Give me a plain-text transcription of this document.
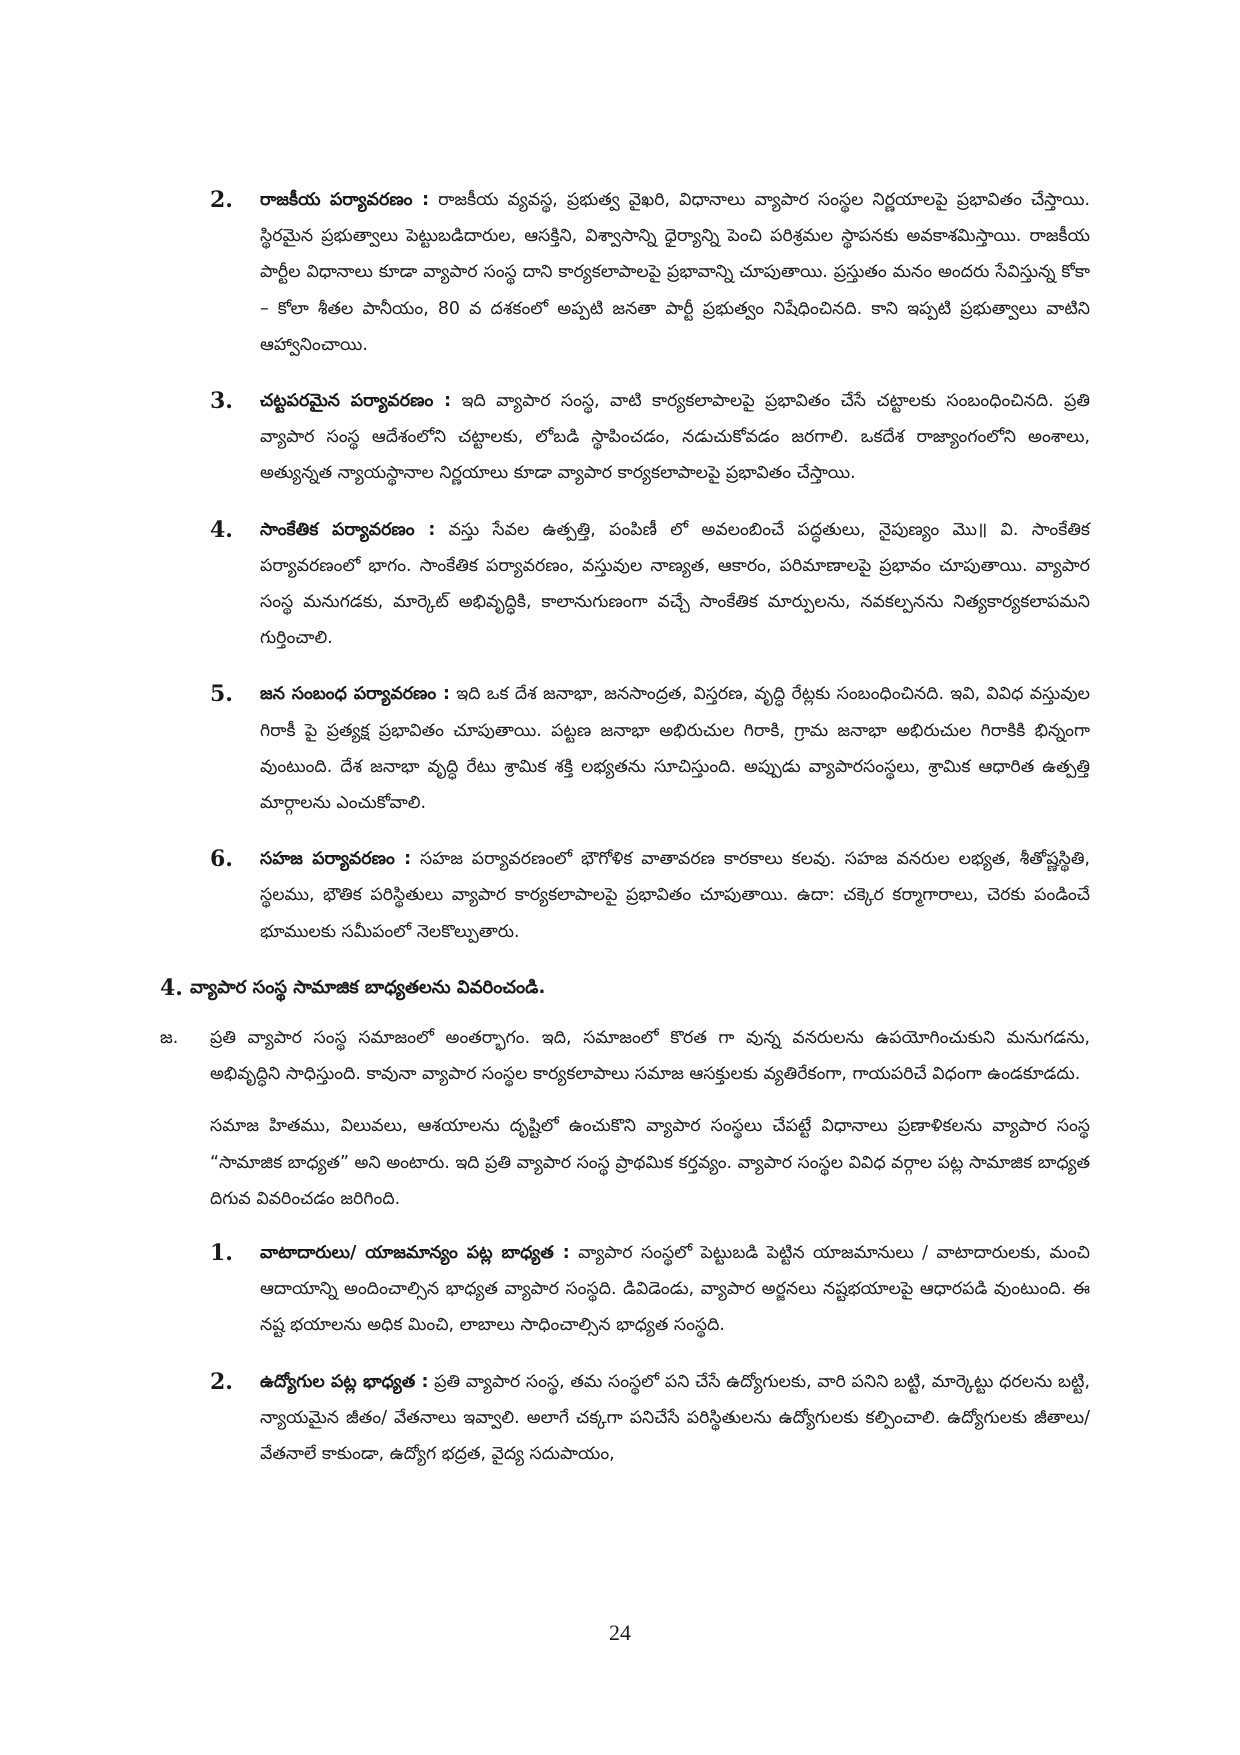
2. రాజకీయ పర్యావరణం : రాజకీయ వ్యవస్థ, ప్రభుత్వ వైఖరి, విధానాలు వ్యాపార సంస్థల నిర్ణయాలపై ప్రభావితం చేస్తాయి. స్థిరమైన ప్రభుత్వాలు పెట్టుబడిదారుల, ఆసక్తిని, విశ్వాసాన్ని ధైర్యాన్ని పెంచి పరిశ్రమల స్థాపనకు అవకాశమిస్తాయి. రాజకీయ పార్టీల విధానాలు కూడా వ్యాపార సంస్థ దాని కార్యకలాపాలపై ప్రభావాన్ని చూపుతాయి. ప్రస్తుతం మనం అందరు సేవిస్తున్న కోకా – కోలా శీతల పానీయం, 80 వ దశకంలో అప్పటి జనతా పార్టీ ప్రభుత్వం నిషేధించినది. కాని ఇప్పటి ప్రభుత్వాలు వాటిని ఆహ్వానించాయి.

3. చట్టపరమైన పర్యావరణం : ఇది వ్యాపార సంస్థ, వాటి కార్యకలాపాలపై ప్రభావితం చేసే చట్టాలకు సంబంధించినది. ప్రతి వ్యాపార సంస్థ ఆదేశంలోని చట్టాలకు, లోబడి స్థాపించడం, నడుచుకోవడం జరగాలి. ఒకదేశ రాజ్యాంగంలోని అంశాలు, అత్యున్నత న్యాయస్థానాల నిర్ణయాలు కూడా వ్యాపార కార్యకలాపాలపై ప్రభావితం చేస్తాయి.

4. సాంకేతిక పర్యావరణం : వస్తు సేవల ఉత్పత్తి, పంపిణీ లో అవలంబించే పద్ధతులు, నైపుణ్యం మొ॥ వి. సాంకేతిక పర్యావరణంలో భాగం. సాంకేతిక పర్యావరణం, వస్తువుల నాణ్యత, ఆకారం, పరిమాణాలపై ప్రభావం చూపుతాయి. వ్యాపార సంస్థ మనుగడకు, మార్కెట్ అభివృద్ధికి, కాలానుగుణంగా వచ్చే సాంకేతిక మార్పులను, నవకల్పనను నిత్యకార్యకలాపమని గుర్తించాలి.

5. జన సంబంధ పర్యావరణం : ఇది ఒక దేశ జనాభా, జనసాంద్రత, విస్తరణ, వృద్ధి రేట్లకు సంబంధించినది. ఇవి, వివిధ వస్తువుల గిరాకీ పై ప్రత్యక్ష ప్రభావితం చూపుతాయి. పట్టణ జనాభా అభిరుచుల గిరాకి, గ్రామ జనాభా అభిరుచుల గిరాకికి భిన్నంగా వుంటుంది. దేశ జనాభా వృద్ధి రేటు శ్రామిక శక్తి లభ్యతను సూచిస్తుంది. అప్పుడు వ్యాపారసంస్థలు, శ్రామిక ఆధారిత ఉత్పత్తి మార్గాలను ఎంచుకోవాలి.

6. సహజ పర్యావరణం : సహజ పర్యావరణంలో భౌగోళిక వాతావరణ కారకాలు కలవు. సహజ వనరుల లభ్యత, శీతోష్ణస్థితి, స్థలము, భౌతిక పరిస్థితులు వ్యాపార కార్యకలాపాలపై ప్రభావితం చూపుతాయి. ఉదా: చక్కెర కర్మాగారాలు, చెరకు పండించే భూములకు సమీపంలో నెలకొల్పుతారు.

4. వ్యాపార సంస్థ సామాజిక బాధ్యతలను వివరించండి.
జ. ప్రతి వ్యాపార సంస్థ సమాజంలో అంతర్భాగం. ఇది, సమాజంలో కొరత గా వున్న వనరులను ఉపయోగించుకుని మనుగడను, అభివృద్ధిని సాధిస్తుంది. కావునా వ్యాపార సంస్థల కార్యకలాపాలు సమాజ ఆసక్తులకు వ్యతిరేకంగా, గాయపరిచే విధంగా ఉండకూడదు.

సమాజ హితము, విలువలు, ఆశయాలను దృష్టిలో ఉంచుకొని వ్యాపార సంస్థలు చేపట్టే విధానాలు ప్రణాళికలను వ్యాపార సంస్థ “సామాజిక బాధ్యత” అని అంటారు. ఇది ప్రతి వ్యాపార సంస్థ ప్రాథమిక కర్తవ్యం. వ్యాపార సంస్థల వివిధ వర్గాల పట్ల సామాజిక బాధ్యత దిగువ వివరించడం జరిగింది.

1. వాటాదారులు/ యాజమాన్యం పట్ల బాధ్యత : వ్యాపార సంస్థలో పెట్టుబడి పెట్టిన యాజమానులు / వాటాదారులకు, మంచి ఆదాయాన్ని అందించాల్సిన భాధ్యత వ్యాపార సంస్థది. డివిడెండు, వ్యాపార అర్జనలు నష్టభయాలపై ఆధారపడి వుంటుంది. ఈ నష్ట భయాలను అధిక మించి, లాబాలు సాధించాల్సిన భాధ్యత సంస్థది.

2. ఉద్యోగుల పట్ల భాధ్యత : ప్రతి వ్యాపార సంస్థ, తమ సంస్థలో పని చేసే ఉద్యోగులకు, వారి పనిని బట్టి, మార్కెట్టు ధరలను బట్టి, న్యాయమైన జీతం/ వేతనాలు ఇవ్వాలి. అలాగే చక్కగా పనిచేసే పరిస్థితులను ఉద్యోగులకు కల్పించాలి. ఉద్యోగులకు జీతాలు/ వేతనాలే కాకుండా, ఉద్యోగ భద్రత, వైద్య సదుపాయం,

24
